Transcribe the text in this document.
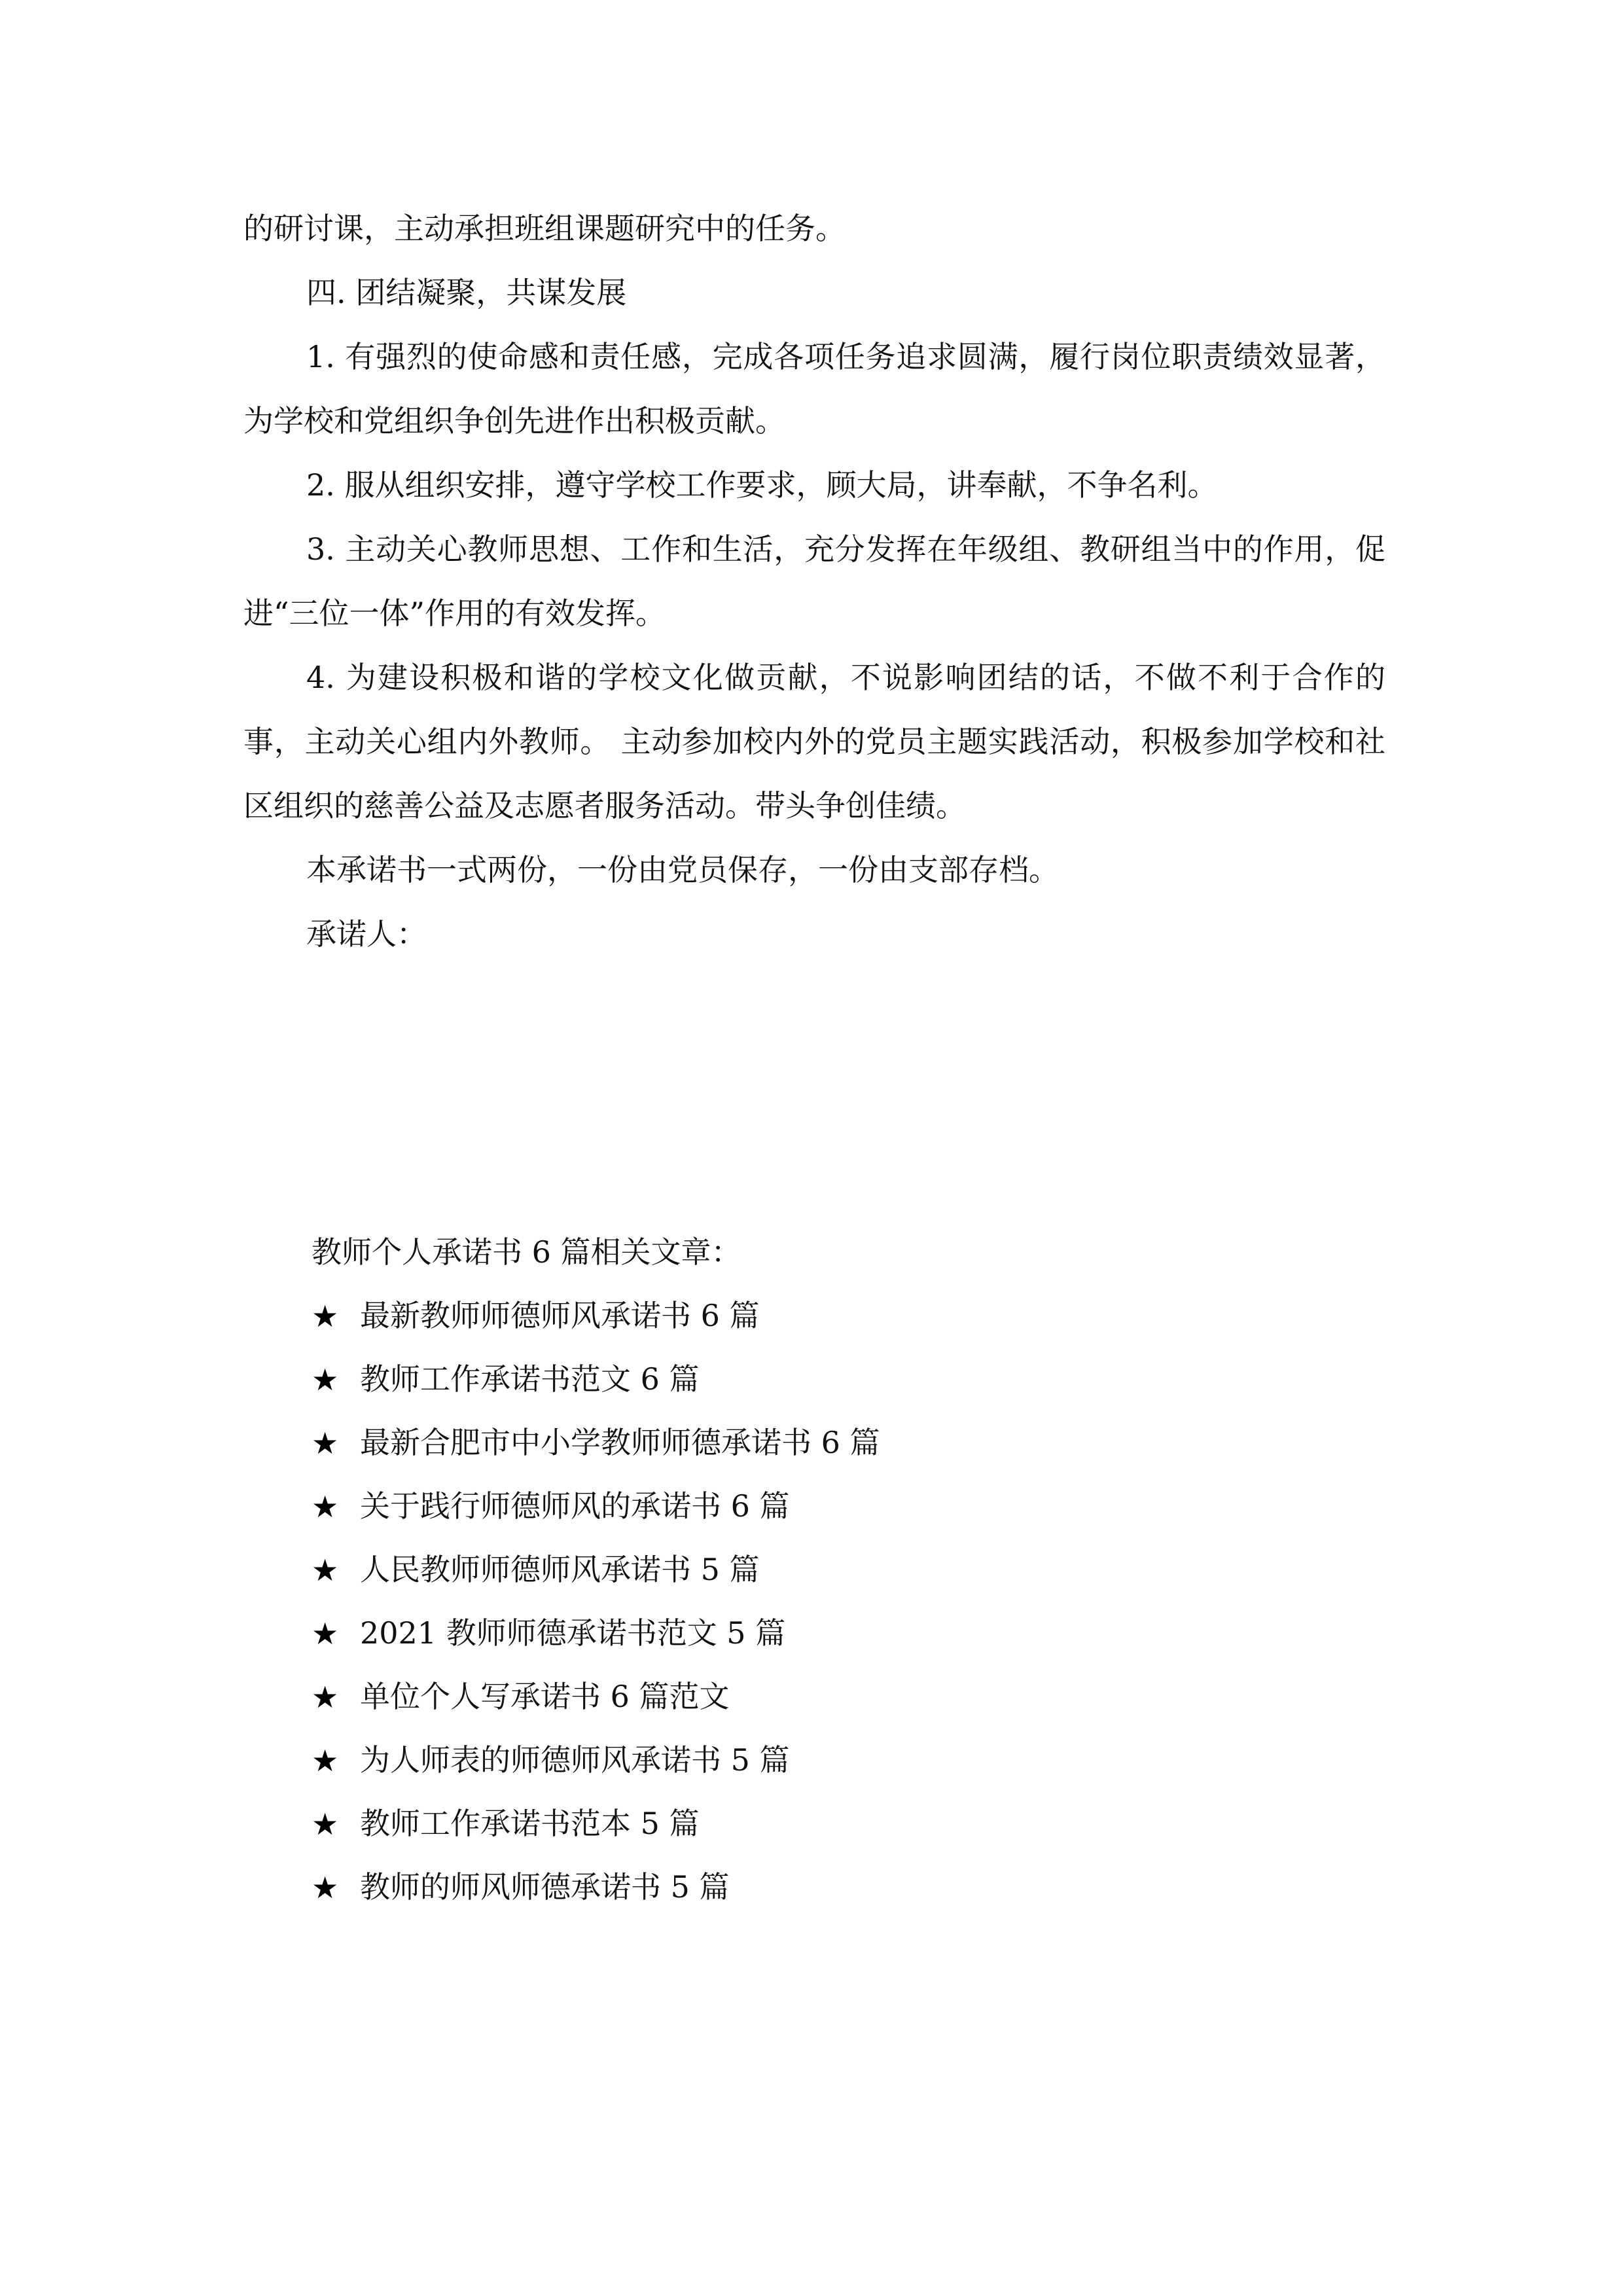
的研讨课，主动承担班组课题研究中的任务。

四. 团结凝聚，共谋发展

1. 有强烈的使命感和责任感，完成各项任务追求圆满，履行岗位职责绩效显著，为学校和党组织争创先进作出积极贡献。

2. 服从组织安排，遵守学校工作要求，顾大局，讲奉献，不争名利。

3. 主动关心教师思想、工作和生活，充分发挥在年级组、教研组当中的作用，促进“三位一体”作用的有效发挥。

4. 为建设积极和谐的学校文化做贡献，不说影响团结的话，不做不利于合作的事，主动关心组内外教师。 主动参加校内外的党员主题实践活动，积极参加学校和社区组织的慈善公益及志愿者服务活动。带头争创佳绩。

本承诺书一式两份，一份由党员保存，一份由支部存档。

承诺人：

教师个人承诺书 6 篇相关文章：

★ 最新教师师德师风承诺书 6 篇
★ 教师工作承诺书范文 6 篇
★ 最新合肥市中小学教师师德承诺书 6 篇
★ 关于践行师德师风的承诺书 6 篇
★ 人民教师师德师风承诺书 5 篇
★ 2021 教师师德承诺书范文 5 篇
★ 单位个人写承诺书 6 篇范文
★ 为人师表的师德师风承诺书 5 篇
★ 教师工作承诺书范本 5 篇
★ 教师的师风师德承诺书 5 篇
